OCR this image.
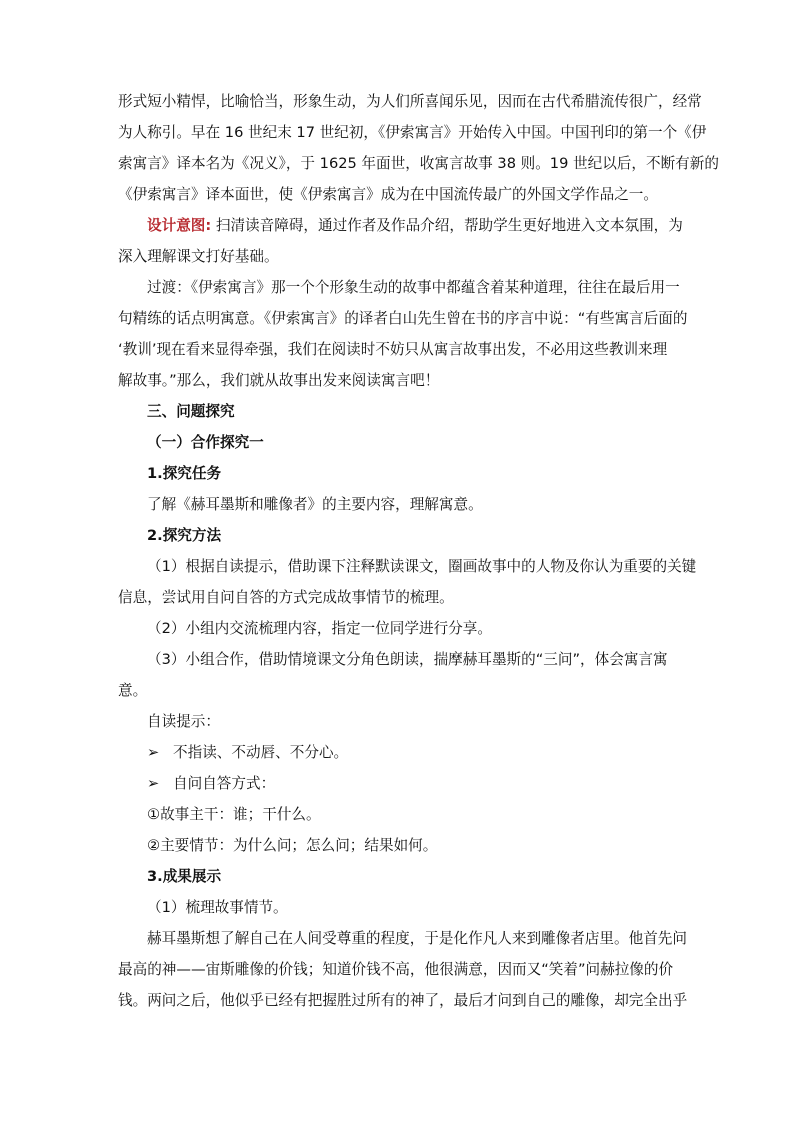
形式短小精悍，比喻恰当，形象生动，为人们所喜闻乐见，因而在古代希腊流传很广，经常

为人称引。早在 16 世纪末 17 世纪初，《伊索寓言》开始传入中国。中国刊印的第一个《伊

索寓言》译本名为《况义》，于 1625 年面世，收寓言故事 38 则。19 世纪以后，不断有新的

《伊索寓言》译本面世，使《伊索寓言》成为在中国流传最广的外国文学作品之一。

设计意图: 扫清读音障碍，通过作者及作品介绍，帮助学生更好地进入文本氛围，为

深入理解课文打好基础。

过渡：《伊索寓言》那一个个形象生动的故事中都蕴含着某种道理，往往在最后用一

句精练的话点明寓意。《伊索寓言》的译者白山先生曾在书的序言中说：“有些寓言后面的

‘教训’现在看来显得牵强，我们在阅读时不妨只从寓言故事出发，不必用这些教训来理

解故事。”那么，我们就从故事出发来阅读寓言吧！

三、问题探究

（一）合作探究一

1.探究任务

了解《赫耳墨斯和雕像者》的主要内容，理解寓意。

2.探究方法

（1）根据自读提示，借助课下注释默读课文，圈画故事中的人物及你认为重要的关键

信息，尝试用自问自答的方式完成故事情节的梳理。

（2）小组内交流梳理内容，指定一位同学进行分享。

（3）小组合作，借助情境课文分角色朗读，揣摩赫耳墨斯的“三问”，体会寓言寓

意。

自读提示：

➢ 不指读、不动唇、不分心。
➢ 自问自答方式：

①故事主干：谁；干什么。

②主要情节：为什么问；怎么问；结果如何。

3.成果展示

（1）梳理故事情节。

赫耳墨斯想了解自己在人间受尊重的程度，于是化作凡人来到雕像者店里。他首先问

最高的神——宙斯雕像的价钱；知道价钱不高，他很满意，因而又“笑着”问赫拉像的价

钱。两问之后，他似乎已经有把握胜过所有的神了，最后才问到自己的雕像，却完全出乎
